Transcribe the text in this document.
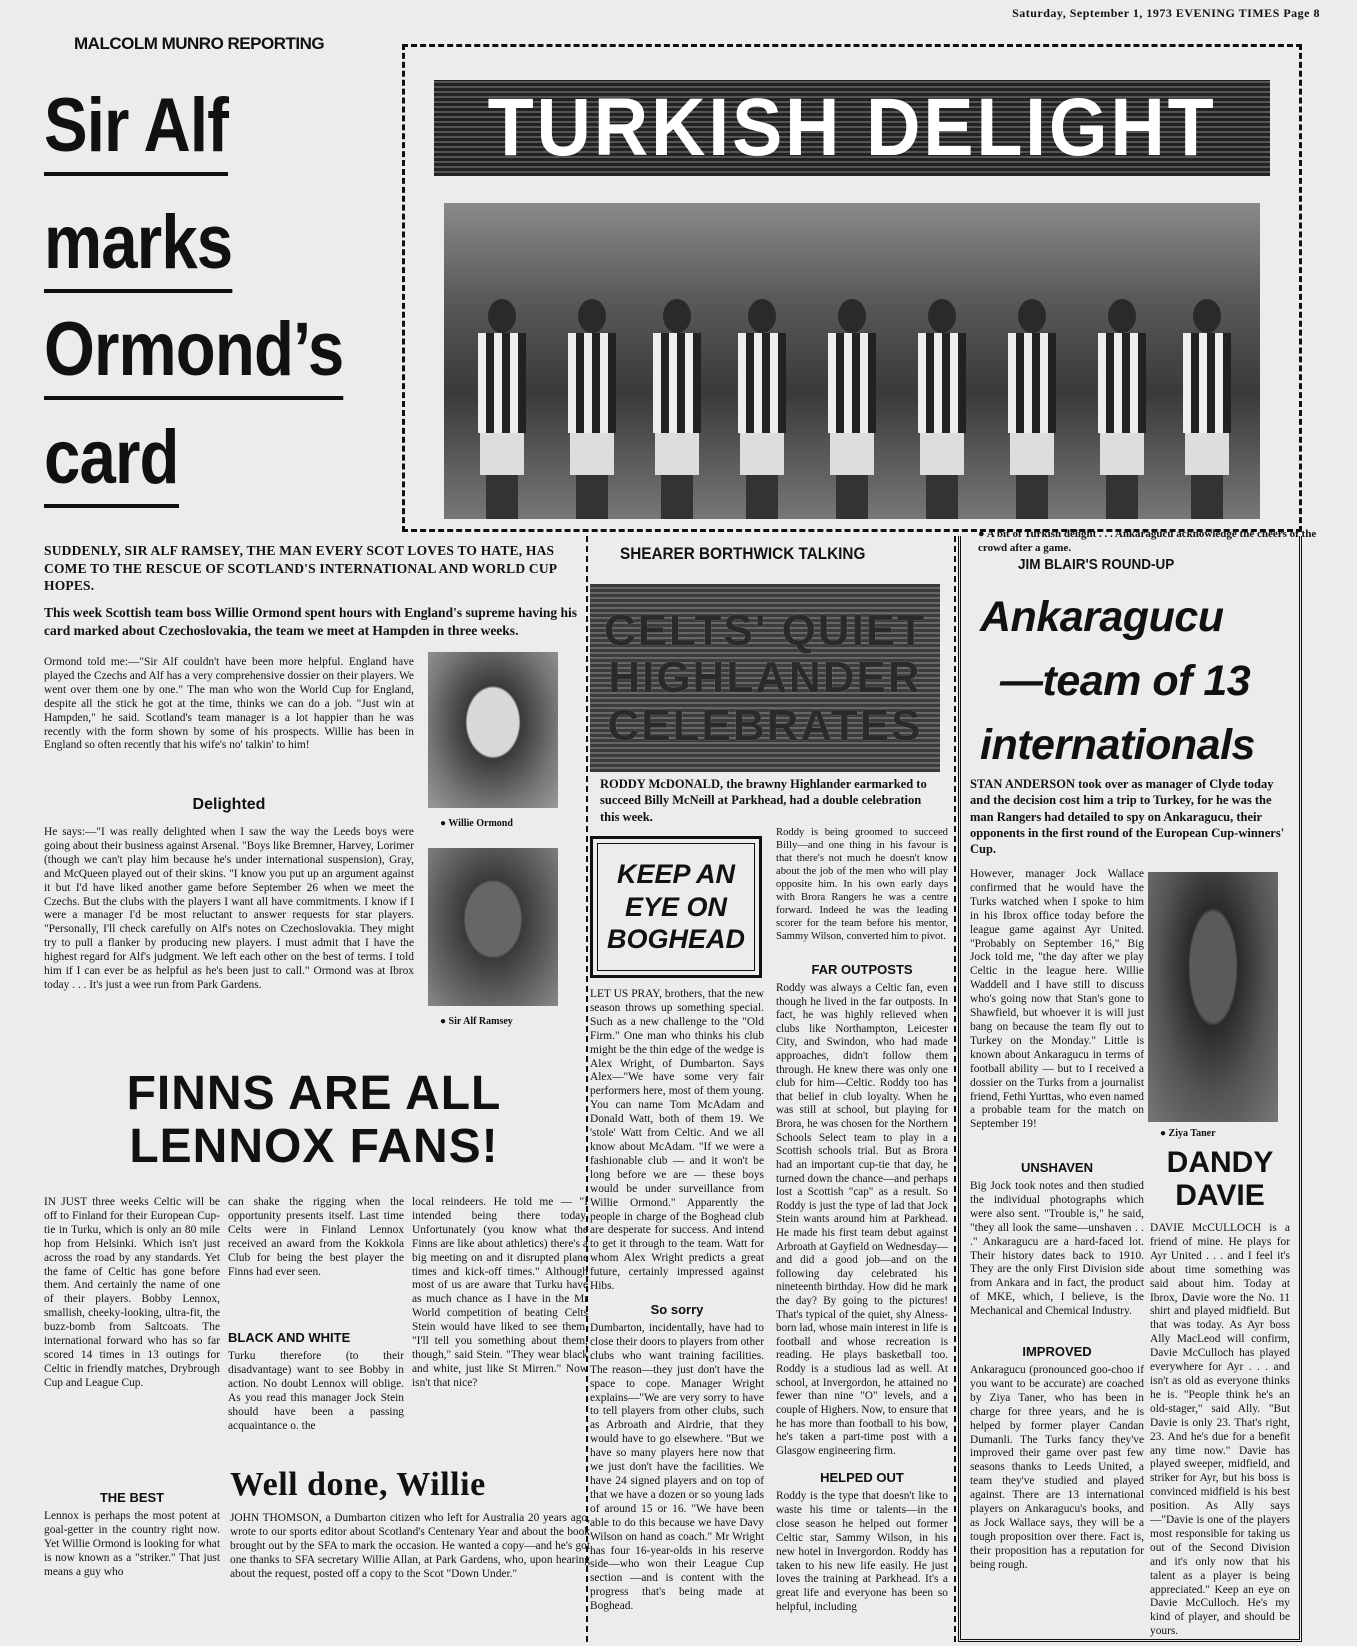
Saturday, September 1, 1973 EVENING TIMES Page 8
MALCOLM MUNRO REPORTING
Sir Alf
marks
Ormond’s
card
TURKISH DELIGHT
● A bit of Turkish delight . . . Ankaragucu acknowledge the cheers of the crowd after a game.
SUDDENLY, SIR ALF RAMSEY, THE MAN EVERY SCOT LOVES TO HATE, HAS COME TO THE RESCUE OF SCOTLAND'S INTERNATIONAL AND WORLD CUP HOPES.
This week Scottish team boss Willie Ormond spent hours with England's supreme having his card marked about Czechoslovakia, the team we meet at Hampden in three weeks.
Ormond told me:—"Sir Alf couldn't have been more helpful. England have played the Czechs and Alf has a very comprehensive dossier on their players. We went over them one by one." The man who won the World Cup for England, despite all the stick he got at the time, thinks we can do a job. "Just win at Hampden," he said. Scotland's team manager is a lot happier than he was recently with the form shown by some of his prospects. Willie has been in England so often recently that his wife's no' talkin' to him!
Delighted
He says:—"I was really delighted when I saw the way the Leeds boys were going about their business against Arsenal. "Boys like Bremner, Harvey, Lorimer (though we can't play him because he's under international suspension), Gray, and McQueen played out of their skins. "I know you put up an argument against it but I'd have liked another game before September 26 when we meet the Czechs. But the clubs with the players I want all have commitments. I know if I were a manager I'd be most reluctant to answer requests for star players. "Personally, I'll check carefully on Alf's notes on Czechoslovakia. They might try to pull a flanker by producing new players. I must admit that I have the highest regard for Alf's judgment. We left each other on the best of terms. I told him if I can ever be as helpful as he's been just to call." Ormond was at Ibrox today . . . It's just a wee run from Park Gardens.
● Willie Ormond
● Sir Alf Ramsey
FINNS ARE ALL
LENNOX FANS!
IN JUST three weeks Celtic will be off to Finland for their European Cup-tie in Turku, which is only an 80 mile hop from Helsinki. Which isn't just across the road by any standards. Yet the fame of Celtic has gone before them. And certainly the name of one of their players. Bobby Lennox, smallish, cheeky-looking, ultra-fit, the buzz-bomb from Saltcoats. The international forward who has so far scored 14 times in 13 outings for Celtic in friendly matches, Drybrough Cup and League Cup.
THE BEST
Lennox is perhaps the most potent at goal-getter in the country right now. Yet Willie Ormond is looking for what is now known as a "striker." That just means a guy who
can shake the rigging when the opportunity presents itself. Last time Celts were in Finland Lennox received an award from the Kokkola Club for being the best player the Finns had ever seen.
BLACK AND WHITE
Turku therefore (to their disadvantage) want to see Bobby in action. No doubt Lennox will oblige. As you read this manager Jock Stein should have been a passing acquaintance o. the
local reindeers. He told me — "I intended being there today. Unfortunately (you know what the Finns are like about athletics) there's a big meeting on and it disrupted plane times and kick-off times." Although most of us are aware that Turku have as much chance as I have in the Mr World competition of beating Celts Stein would have liked to see them. "I'll tell you something about them, though," said Stein. "They wear black and white, just like St Mirren." Now isn't that nice?
Well done, Willie
JOHN THOMSON, a Dumbarton citizen who left for Australia 20 years ago, wrote to our sports editor about Scotland's Centenary Year and about the book brought out by the SFA to mark the occasion. He wanted a copy—and he's got one thanks to SFA secretary Willie Allan, at Park Gardens, who, upon hearing about the request, posted off a copy to the Scot "Down Under."
SHEARER BORTHWICK TALKING
CELTS' QUIET
HIGHLANDER
CELEBRATES
RODDY McDONALD, the brawny Highlander earmarked to succeed Billy McNeill at Parkhead, had a double celebration this week.
KEEP AN
EYE ON
BOGHEAD
LET US PRAY, brothers, that the new season throws up something special. Such as a new challenge to the "Old Firm." One man who thinks his club might be the thin edge of the wedge is Alex Wright, of Dumbarton. Says Alex—"We have some very fair performers here, most of them young. You can name Tom McAdam and Donald Watt, both of them 19. We 'stole' Watt from Celtic. And we all know about McAdam. "If we were a fashionable club — and it won't be long before we are — these boys would be under surveillance from Willie Ormond." Apparently the people in charge of the Boghead club are desperate for success. And intend to get it through to the team. Watt for whom Alex Wright predicts a great future, certainly impressed against Hibs.
So sorry
Dumbarton, incidentally, have had to close their doors to players from other clubs who want training facilities. The reason—they just don't have the space to cope. Manager Wright explains—"We are very sorry to have to tell players from other clubs, such as Arbroath and Airdrie, that they would have to go elsewhere. "But we have so many players here now that we just don't have the facilities. We have 24 signed players and on top of that we have a dozen or so young lads of around 15 or 16. "We have been able to do this because we have Davy Wilson on hand as coach." Mr Wright has four 16-year-olds in his reserve side—who won their League Cup section —and is content with the progress that's being made at Boghead.
Roddy is being groomed to succeed Billy—and one thing in his favour is that there's not much he doesn't know about the job of the men who will play opposite him. In his own early days with Brora Rangers he was a centre forward. Indeed he was the leading scorer for the team before his mentor, Sammy Wilson, converted him to pivot.
FAR OUTPOSTS
Roddy was always a Celtic fan, even though he lived in the far outposts. In fact, he was highly relieved when clubs like Northampton, Leicester City, and Swindon, who had made approaches, didn't follow them through. He knew there was only one club for him—Celtic. Roddy too has that belief in club loyalty. When he was still at school, but playing for Brora, he was chosen for the Northern Schools Select team to play in a Scottish schools trial. But as Brora had an important cup-tie that day, he turned down the chance—and perhaps lost a Scottish "cap" as a result. So Roddy is just the type of lad that Jock Stein wants around him at Parkhead. He made his first team debut against Arbroath at Gayfield on Wednesday—and did a good job—and on the following day celebrated his nineteenth birthday. How did he mark the day? By going to the pictures! That's typical of the quiet, shy Alness-born lad, whose main interest in life is football and whose recreation is reading. He plays basketball too. Roddy is a studious lad as well. At school, at Invergordon, he attained no fewer than nine "O" levels, and a couple of Highers. Now, to ensure that he has more than football to his bow, he's taken a part-time post with a Glasgow engineering firm.
HELPED OUT
Roddy is the type that doesn't like to waste his time or talents—in the close season he helped out former Celtic star, Sammy Wilson, in his new hotel in Invergordon. Roddy has taken to his new life easily. He just loves the training at Parkhead. It's a great life and everyone has been so helpful, including
JIM BLAIR'S ROUND-UP
Ankaragucu
—team of 13
internationals
STAN ANDERSON took over as manager of Clyde today and the decision cost him a trip to Turkey, for he was the man Rangers had detailed to spy on Ankaragucu, their opponents in the first round of the European Cup-winners' Cup.
However, manager Jock Wallace confirmed that he would have the Turks watched when I spoke to him in his Ibrox office today before the league game against Ayr United. "Probably on September 16," Big Jock told me, "the day after we play Celtic in the league here. Willie Waddell and I have still to discuss who's going now that Stan's gone to Shawfield, but whoever it is will just bang on because the team fly out to Turkey on the Monday." Little is known about Ankaragucu in terms of football ability — but to I received a dossier on the Turks from a journalist friend, Fethi Yurttas, who even named a probable team for the match on September 19!
● Ziya Taner
UNSHAVEN
Big Jock took notes and then studied the individual photographs which were also sent. "Trouble is," he said, "they all look the same—unshaven . . ." Ankaragucu are a hard-faced lot. Their history dates back to 1910. They are the only First Division side from Ankara and in fact, the product of MKE, which, I believe, is the Mechanical and Chemical Industry.
IMPROVED
Ankaragucu (pronounced goo-choo if you want to be accurate) are coached by Ziya Taner, who has been in charge for three years, and he is helped by former player Candan Dumanli. The Turks fancy they've improved their game over past few seasons thanks to Leeds United, a team they've studied and played against. There are 13 international players on Ankaragucu's books, and as Jock Wallace says, they will be a tough proposition over there. Fact is, their proposition has a reputation for being rough.
DANDY
DAVIE
DAVIE McCULLOCH is a friend of mine. He plays for Ayr United . . . and I feel it's about time something was said about him. Today at Ibrox, Davie wore the No. 11 shirt and played midfield. But that was today. As Ayr boss Ally MacLeod will confirm, Davie McCulloch has played everywhere for Ayr . . . and isn't as old as everyone thinks he is. "People think he's an old-stager," said Ally. "But Davie is only 23. That's right, 23. And he's due for a benefit any time now." Davie has played sweeper, midfield, and striker for Ayr, but his boss is convinced midfield is his best position. As Ally says—"Davie is one of the players most responsible for taking us out of the Second Division and it's only now that his talent as a player is being appreciated." Keep an eye on Davie McCulloch. He's my kind of player, and should be yours.
